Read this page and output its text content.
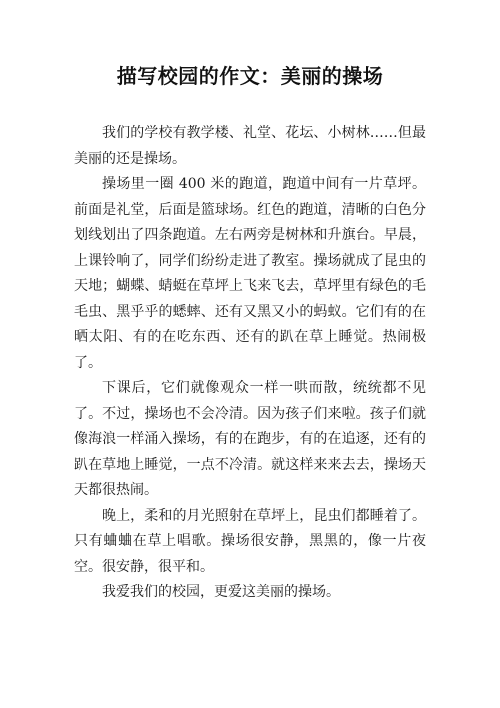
描写校园的作文：美丽的操场

我们的学校有教学楼、礼堂、花坛、小树林……但最美丽的还是操场。

操场里一圈 400 米的跑道，跑道中间有一片草坪。前面是礼堂，后面是篮球场。红色的跑道，清晰的白色分划线划出了四条跑道。左右两旁是树林和升旗台。早晨，上课铃响了，同学们纷纷走进了教室。操场就成了昆虫的天地；蝴蝶、蜻蜓在草坪上飞来飞去，草坪里有绿色的毛毛虫、黑乎乎的蟋蟀、还有又黑又小的蚂蚁。它们有的在晒太阳、有的在吃东西、还有的趴在草上睡觉。热闹极了。

下课后，它们就像观众一样一哄而散，统统都不见了。不过，操场也不会冷清。因为孩子们来啦。孩子们就像海浪一样涌入操场，有的在跑步，有的在追逐，还有的趴在草地上睡觉，一点不冷清。就这样来来去去，操场天天都很热闹。

晚上，柔和的月光照射在草坪上，昆虫们都睡着了。只有蛐蛐在草上唱歌。操场很安静，黑黑的，像一片夜空。很安静，很平和。

我爱我们的校园，更爱这美丽的操场。
